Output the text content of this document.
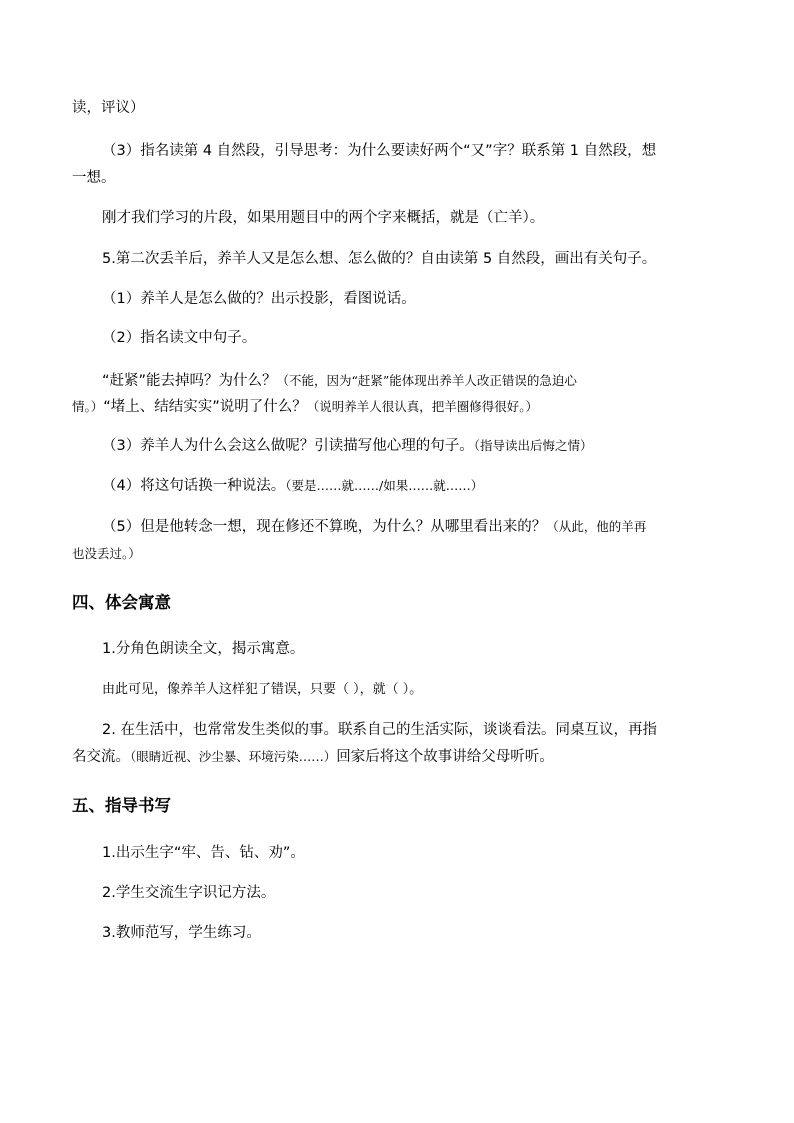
读，评议）
（3）指名读第 4 自然段，引导思考：为什么要读好两个“又”字？联系第 1 自然段，想
一想。
刚才我们学习的片段，如果用题目中的两个字来概括，就是（亡羊）。
5.第二次丢羊后，养羊人又是怎么想、怎么做的？自由读第 5 自然段，画出有关句子。
（1）养羊人是怎么做的？出示投影，看图说话。
（2）指名读文中句子。
“赶紧”能去掉吗？为什么？（不能，因为“赶紧”能体现出养羊人改正错误的急迫心
情。）“堵上、结结实实”说明了什么？（说明养羊人很认真，把羊圈修得很好。）
（3）养羊人为什么会这么做呢？引读描写他心理的句子。（指导读出后悔之情）
（4）将这句话换一种说法。（要是……就……/如果……就……）
（5）但是他转念一想，现在修还不算晚，为什么？从哪里看出来的？（从此，他的羊再
也没丢过。）
四、体会寓意
1.分角色朗读全文，揭示寓意。
由此可见，像养羊人这样犯了错误，只要（ ），就（ ）。
2. 在生活中，也常常发生类似的事。联系自己的生活实际，谈谈看法。同桌互议，再指
名交流。（眼睛近视、沙尘暴、环境污染……）回家后将这个故事讲给父母听听。
五、指导书写
1.出示生字“牢、告、钻、劝”。
2.学生交流生字识记方法。
3.教师范写，学生练习。
